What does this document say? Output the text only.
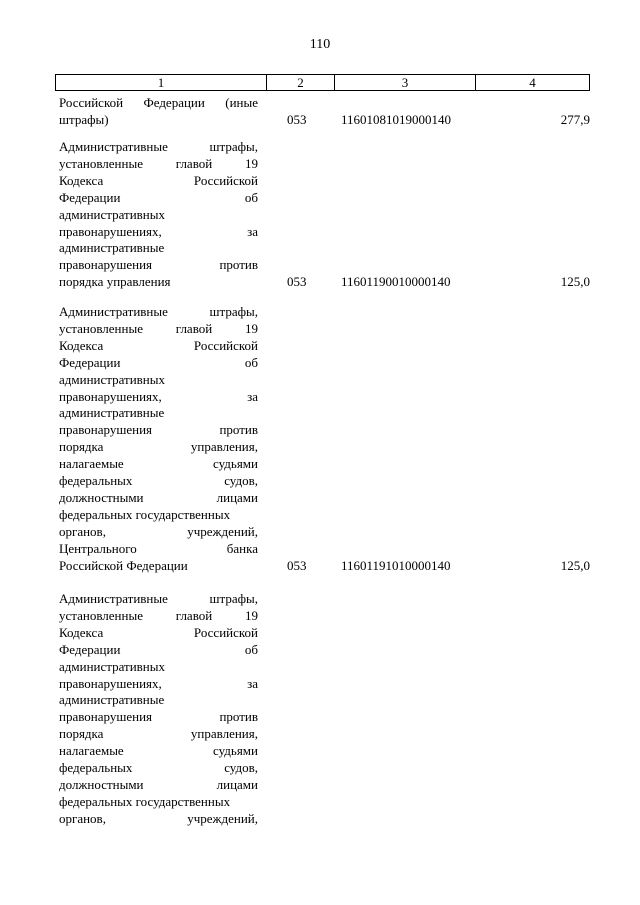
110
1	2	3	4
Российской Федерации (иные
штрафы)	053	11601081019000140	277,9
Административные	штрафы,
установленные	главой	19
Кодекса	Российской
Федерации	об
административных
правонарушениях,	за
административные
правонарушения	против
порядка управления	053	11601190010000140	125,0
Административные	штрафы,
установленные	главой	19
Кодекса	Российской
Федерации	об
административных
правонарушениях,	за
административные
правонарушения	против
порядка	управления,
налагаемые	судьями
федеральных	судов,
должностными	лицами
федеральных государственных
органов,	учреждений,
Центрального	банка
Российской Федерации	053	11601191010000140	125,0
Административные	штрафы,
установленные	главой	19
Кодекса	Российской
Федерации	об
административных
правонарушениях,	за
административные
правонарушения	против
порядка	управления,
налагаемые	судьями
федеральных	судов,
должностными	лицами
федеральных государственных
органов,	учреждений,
